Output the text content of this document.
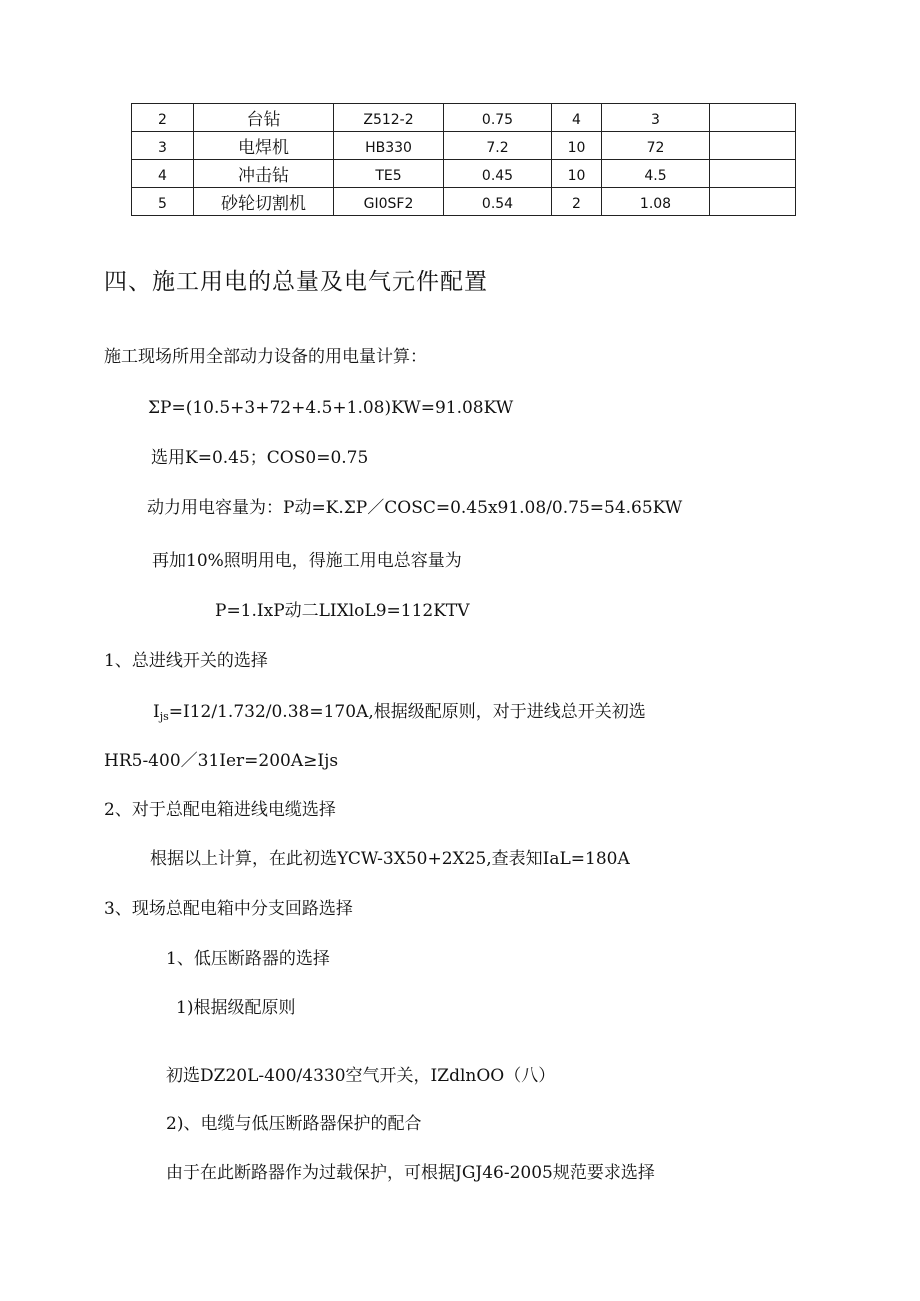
2	台钻	Z512-2	0.75	4	3	
3	电焊机	HB330	7.2	10	72	
4	冲击钻	TE5	0.45	10	4.5	
5	砂轮切割机	GI0SF2	0.54	2	1.08	
四、施工用电的总量及电气元件配置
施工现场所用全部动力设备的用电量计算：
ΣP=(10.5+3+72+4.5+1.08)KW=91.08KW
选用K=0.45；COS0=0.75
动力用电容量为：P动=K.ΣP／COSC=0.45x91.08/0.75=54.65KW
再加10%照明用电，得施工用电总容量为
P=1.IxP动二LIXloL9=112KTV
1、总进线开关的选择
$I_{js}=I12/1.732/0.38=170A$,根据级配原则，对于进线总开关初选
HR5-400／31Ier=200A≥Ijs
2、对于总配电箱进线电缆选择
根据以上计算，在此初选YCW-3X50+2X25,查表知IaL=180A
3、现场总配电箱中分支回路选择
1、低压断路器的选择
1)根据级配原则
初选DZ20L-400/4330空气开关，IZdlnOO（八）
2)、电缆与低压断路器保护的配合
由于在此断路器作为过载保护，可根据JGJ46-2005规范要求选择
